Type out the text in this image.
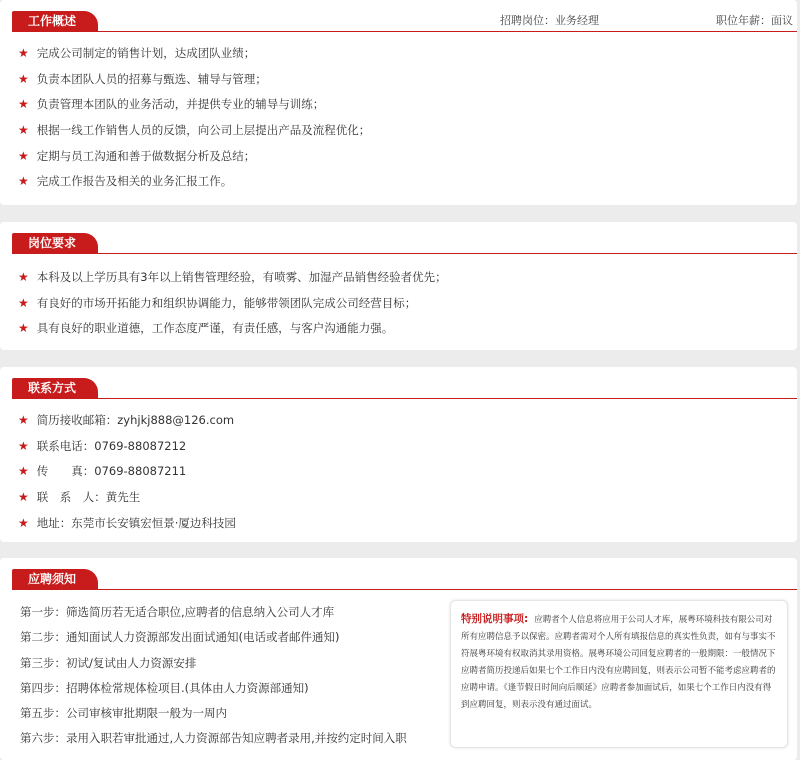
工作概述	招聘岗位：业务经理	职位年薪：面议
★ 完成公司制定的销售计划，达成团队业绩；
★ 负责本团队人员的招募与甄选、辅导与管理；
★ 负责管理本团队的业务活动，并提供专业的辅导与训练；
★ 根据一线工作销售人员的反馈，向公司上层提出产品及流程优化；
★ 定期与员工沟通和善于做数据分析及总结；
★ 完成工作报告及相关的业务汇报工作。
岗位要求
★ 本科及以上学历具有3年以上销售管理经验，有喷雾、加湿产品销售经验者优先；
★ 有良好的市场开拓能力和组织协调能力，能够带领团队完成公司经营目标；
★ 具有良好的职业道德，工作态度严谨，有责任感，与客户沟通能力强。
联系方式
★ 简历接收邮箱：zyhjkj888@126.com
★ 联系电话：0769-88087212
★ 传　　真：0769-88087211
★ 联　系　人：黄先生
★ 地址：东莞市长安镇宏恒景·厦边科技园
应聘须知
第一步：筛选简历若无适合职位,应聘者的信息纳入公司人才库
第二步：通知面试人力资源部发出面试通知(电话或者邮件通知)
第三步：初试/复试由人力资源安排
第四步：招聘体检常规体检项目.(具体由人力资源部通知)
第五步：公司审核审批期限一般为一周内
第六步：录用入职若审批通过,人力资源部告知应聘者录用,并按约定时间入职
特别说明事项: 应聘者个人信息将应用于公司人才库，展粤环境科技有限公司对所有应聘信息予以保密。应聘者需对个人所有填报信息的真实性负责，如有与事实不符展粤环境有权取消其录用资格。展粤环境公司回复应聘者的一般期限：一般情况下应聘者简历投递后如果七个工作日内没有应聘回复，则表示公司暂不能考虑应聘者的应聘申请。《逢节假日时间向后顺延》应聘者参加面试后，如果七个工作日内没有得到应聘回复，则表示没有通过面试。
